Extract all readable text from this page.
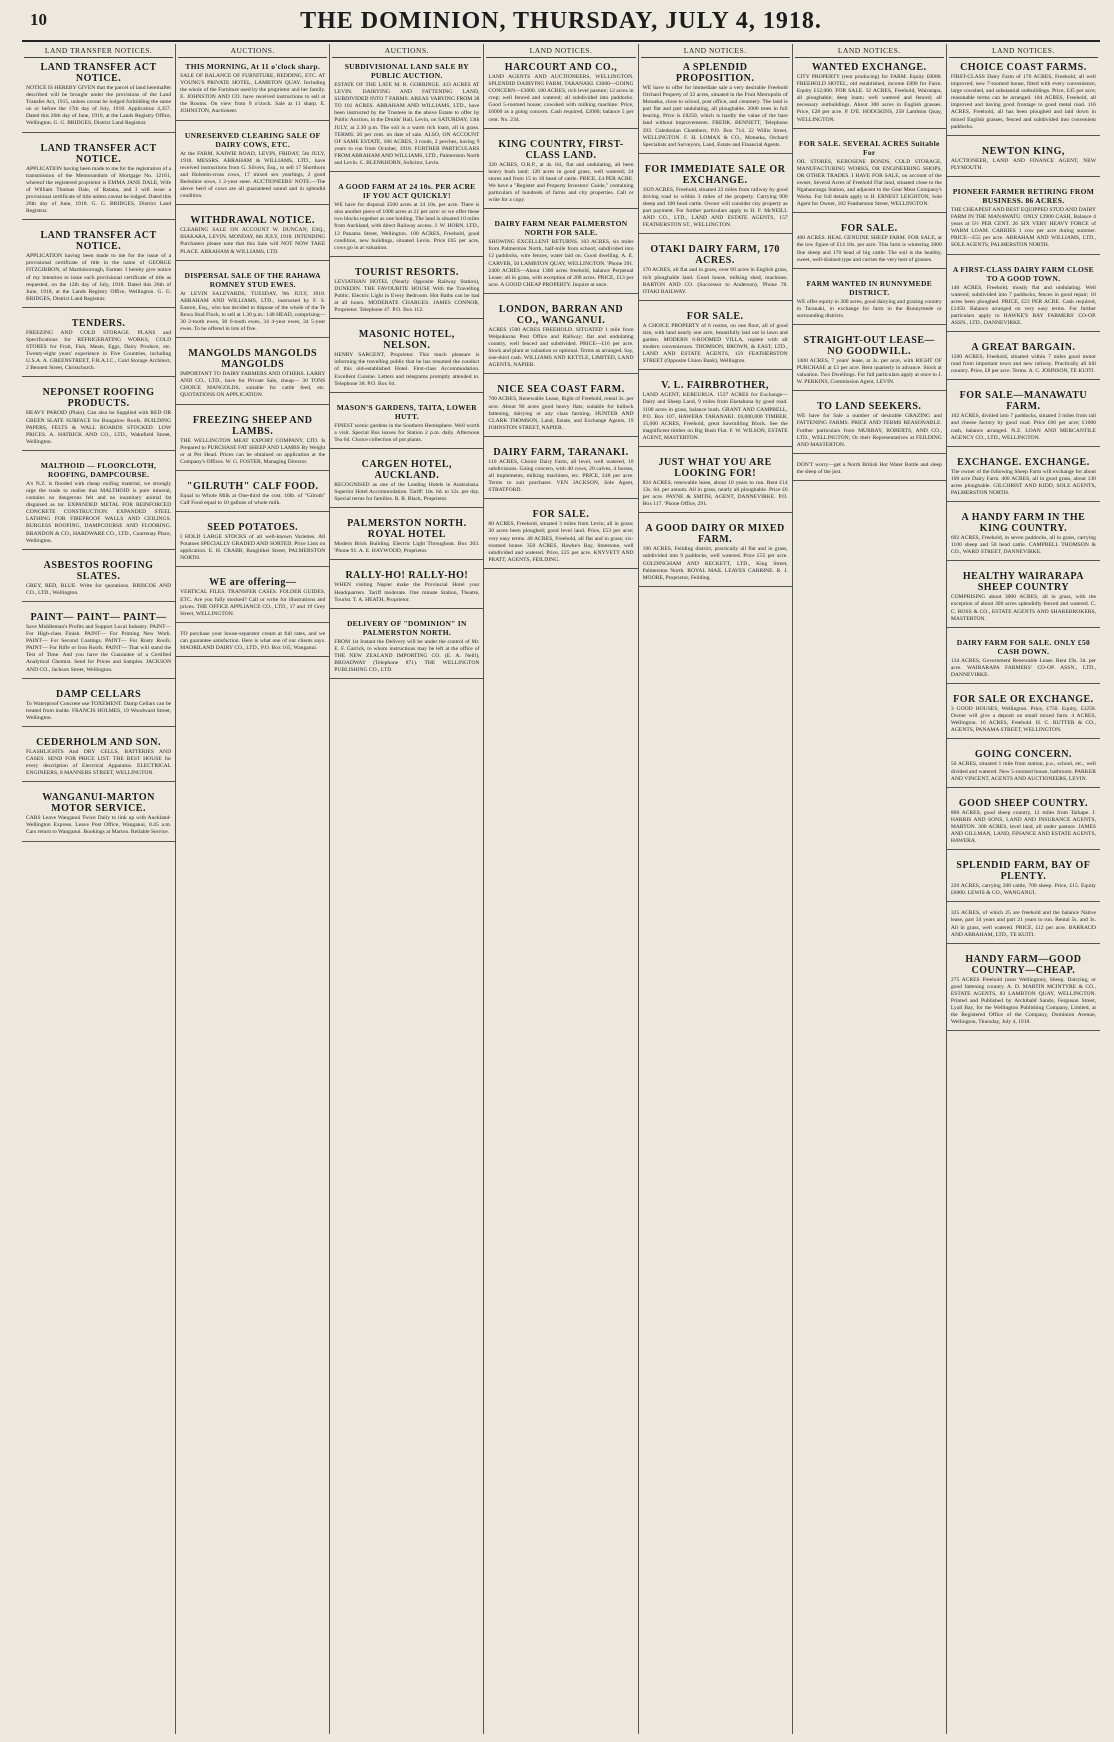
10	THE DOMINION, THURSDAY, JULY 4, 1918.
LAND TRANSFER NOTICES.
LAND TRANSFER ACT NOTICE.
NOTICE IS HEREBY GIVEN that the parcel of land hereinafter described will be brought under the provisions of the Land Transfer Act, 1915, unless caveat be lodged forbidding the same on or before the 17th day of July, 1918. Application 4,357. Dated this 26th day of June, 1918, at the Lands Registry Office, Wellington. G. G. BRIDGES, District Land Registrar.
LAND TRANSFER ACT NOTICE.
APPLICATION having been made to me for the registration of a transmission of the Memorandum of Mortgage No. 12161, whereof the registered proprietor is EMMA JANE DALE, Wife of William Thomas Dale, of Ratana, and I will issue a provisional certificate of title unless caveat be lodged. Dated this 26th day of June, 1918. G. G. BRIDGES, District Land Registrar.
LAND TRANSFER ACT NOTICE.
APPLICATION having been made to me for the issue of a provisional certificate of title in the name of GEORGE FITZGIBBON, of Martinborough, Farmer. I hereby give notice of my intention to issue such provisional certificate of title as requested, on the 12th day of July, 1918. Dated this 26th of June, 1918, at the Lands Registry Office, Wellington. G. G. BRIDGES, District Land Registrar.
TENDERS.
FREEZING AND COLD STORAGE. PLANS and Specifications for REFRIGERATING WORKS, COLD STORES for Fruit, Fish, Meats, Eggs, Dairy Produce, etc. Twenty-eight years' experience in Five Countries, including U.S.A. A. GREENSTREET, F.R.A.I.C., Cold Storage Architect, 2 Bennett Street, Christchurch.
NEPONSET ROOFING PRODUCTS.
HEAVY PAROID (Plain). Can also be Supplied with RED OR GREEN SLATE SURFACE for Bungalow Roofs. BUILDING PAPERS, FELTS & WALL BOARDS STOCKED. LOW PRICES. A. HATRICK AND CO., LTD., Wakefield Street, Wellington.
MALTHOID — FLOORCLOTH, ROOFING, DAMPCOURSE.
A's N.Z. is flooded with cheap roofing material, we strongly urge the trade to realise that MALTHOID is pure mineral, contains no dangerous felt and no insanitary animal fat disguised as tar. EXPANDED METAL FOR REINFORCED CONCRETE CONSTRUCTION. EXPANDED STEEL LATHING FOR FIREPROOF WALLS AND CEILINGS. BURGESS ROOFING, DAMPCOURSE AND FLOORING. BRANDON & CO., HARDWARE CO., LTD., Courtenay Place, Wellington.
ASBESTOS ROOFING SLATES.
GREY, RED, BLUE. Write for quotations. BRISCOE AND CO., LTD., Wellington.
PAINT— PAINT— PAINT—
Save Middleman's Profits and Support Local Industry. PAINT— For High-class Finish. PAINT— For Priming New Work. PAINT— For Second Coatings. PAINT— For Rusty Roofs. PAINT— For Rifle or Iron Roofs. PAINT— That will stand the Test of Time. And you have the Guarantee of a Certified Analytical Chemist. Send for Prices and Samples. JACKSON AND CO., Jackson Street, Wellington.
DAMP CELLARS
To Waterproof Concrete use TOXEMENT. Damp Cellars can be treated from inside. FRANCIS HOLMES, 19 Woodward Street, Wellington.
CEDERHOLM AND SON.
FLASHLIGHTS And DRY CELLS, BATTERIES AND CASES. SEND FOR PRICE LIST. THE BEST HOUSE for every description of Electrical Apparatus. ELECTRICAL ENGINEERS, 8 MANNERS STREET, WELLINGTON.
WANGANUI-MARTON MOTOR SERVICE.
CARS Leave Wanganui Twice Daily to link up with Auckland-Wellington Express. Leave Post Office, Wanganui, 8.45 a.m. Cars return to Wanganui. Bookings at Marton. Reliable Service.
AUCTIONS.
THIS MORNING, At 11 o'clock sharp.
SALE OF BALANCE OF FURNITURE, BEDDING, ETC. AT YOUNG'S PRIVATE HOTEL, LAMBTON QUAY. Including the whole of the Furniture used by the proprietor and her family. E. JOHNSTON AND CO. have received instructions to sell at the Rooms. On view from 9 o'clock. Sale at 11 sharp. E. JOHNSTON, Auctioneer.
UNRESERVED CLEARING SALE OF DAIRY COWS, ETC.
At the FARM, KAIWIE ROAD, LEVIN, FRIDAY, 5th JULY, 1918. MESSRS. ABRAHAM & WILLIAMS, LTD., have received instructions from G. Silvers, Esq., to sell 17 Shorthorn and Holstein-cross cows, 17 mixed sex yearlings, 2 good Berkshire sows, 1 2-year steer. AUCTIONEERS' NOTE.—The above herd of cows are all guaranteed sound and in splendid condition.
WITHDRAWAL NOTICE.
CLEARING SALE ON ACCOUNT W. DUNCAN, ESQ., IHAKARA, LEVIN. MONDAY, 8th JULY, 1918. INTENDING Purchasers please note that this Sale will NOT NOW TAKE PLACE. ABRAHAM & WILLIAMS, LTD.
DISPERSAL SALE OF THE RAHAWA ROMNEY STUD EWES.
At LEVIN SALEYARDS, TUESDAY, 9th JULY, 1918. ABRAHAM AND WILLIAMS, LTD., instructed by F. S. Easton, Esq., who has decided to dispose of the whole of the Te Rewa Stud Flock, to sell at 1.30 p.m.: 148 HEAD, comprising— 30 2-tooth ewes, 30 6-tooth ewes, 34 4-year ewes, 34 5-year ewes. To be offered in lots of five.
MANGOLDS MANGOLDS MANGOLDS
IMPORTANT TO DAIRY FARMERS AND OTHERS. LARRY AND CO., LTD., have for Private Sale, cheap— 30 TONS CHOICE MANGOLDS, suitable for cattle feed, etc. QUOTATIONS ON APPLICATION.
FREEZING SHEEP AND LAMBS.
THE WELLINGTON MEAT EXPORT COMPANY, LTD. Is Prepared to PURCHASE FAT SHEEP AND LAMBS By Weight or at Per Head. Prices can be obtained on application at the Company's Offices. W. G. FOSTER, Managing Director.
"GILRUTH" CALF FOOD.
Equal to Whole Milk at One-third the cost. 10lb. of "Gilruth" Calf Food equal to 10 gallons of whole milk.
SEED POTATOES.
I HOLD LARGE STOCKS of all well-known Varieties. All Potatoes SPECIALLY GRADED AND SORTED. Price Lists on application. E. H. CRABB, Rangitikei Street, PALMERSTON NORTH.
WE are offering—
VERTICAL FILES. TRANSFER CASES. FOLDER GUIDES, ETC. Are you fully stocked? Call or write for illustrations and prices. THE OFFICE APPLIANCE CO., LTD., 17 and 19 Grey Street, WELLINGTON.
TO purchase your house-separator cream at full rates, and we can guarantee satisfaction. Here is what one of our clients says. MAORILAND DAIRY CO., LTD., P.O. Box 165, Wanganui.
AUCTIONS.
SUBDIVISIONAL LAND SALE BY PUBLIC AUCTION.
ESTATE OF THE LATE M. R. GORRINGE. 433 ACRES AT LEVIN. DAIRYING AND FATTENING LAND, SUBDIVIDED INTO 7 FARMS. AREAS VARYING FROM 38 TO 101 ACRES. ABRAHAM AND WILLIAMS, LTD., have been instructed by the Trustees in the above Estate to offer by Public Auction, in the Druids' Hall, Levin, on SATURDAY, 13th JULY, at 2.30 p.m. The soil is a warm rich loam, all in grass. TERMS: 20 per cent. on date of sale. ALSO, ON ACCOUNT OF SAME ESTATE, 186 ACRES, 3 roods, 2 perches, having 9 years to run from October, 1918. FURTHER PARTICULARS FROM ABRAHAM AND WILLIAMS, LTD., Palmerston North and Levin. C. BLENKHORN, Solicitor, Levin.
A GOOD FARM AT 24 10s. PER ACRE IF YOU ACT QUICKLY!
WE have for disposal 2500 acres at 24 10s. per acre. There is also another piece of 1000 acres at 21 per acre: or we offer these two blocks together as one holding. The land is situated 10 miles from Auckland, with direct Railway access. J. W. HORN, LTD., 12 Panama Street, Wellington. 100 ACRES, Freehold, good condition, new buildings, situated Levin. Price £65 per acre, cows go in at valuation.
TOURIST RESORTS.
LEVIATHAN HOTEL (Nearly Opposite Railway Station), DUNEDIN. THE FAVOURITE HOUSE With the Travelling Public. Electric Light in Every Bedroom. Hot Baths can be had at all hours. MODERATE CHARGES. JAMES CONNOR, Proprietor. Telephone 47. P.O. Box 112.
MASONIC HOTEL, NELSON.
HENRY SARGENT, Proprietor. This much pleasure is informing the travelling public that he has resumed the conduct of this old-established Hotel. First-class Accommodation. Excellent Cuisine. Letters and telegrams promptly attended to. Telephone 38. P.O. Box 64.
MASON'S GARDENS, TAITA, LOWER HUTT.
FINEST scenic gardens in the Southern Hemisphere. Well worth a visit. Special Bus leaves for Station 2 p.m. daily. Afternoon Tea 6d. Choice collection of pot plants.
CARGEN HOTEL, AUCKLAND.
RECOGNISED as one of the Leading Hotels in Australasia. Superior Hotel Accommodation. Tariff: 10s. 6d. to 12s. per day. Special terms for families. R. R. Black, Proprietor.
PALMERSTON NORTH. ROYAL HOTEL
Modern Brick Building. Electric Light Throughout. Box 203. 'Phone 91. A. E. HAYWOOD, Proprietor.
RALLY-HO! RALLY-HO!
WHEN visiting Napier make the Provincial Hotel your Headquarters. Tariff moderate. One minute Station, Theatre, Tourist. T. A. HEATH, Proprietor.
DELIVERY OF "DOMINION" IN PALMERSTON NORTH.
FROM 1st Instant the Delivery will be under the control of Mr. E. F. Garrick, to whom instructions may be left at the office of THE NEW ZEALAND IMPORTING CO. (E. A. Neill), BROADWAY (Telephone 871). THE WELLINGTON PUBLISHING CO., LTD.
LAND NOTICES.
HARCOURT AND CO.,
LAND AGENTS AND AUCTIONEERS, WELLINGTON. SPLENDID DAIRYING FARM, TARANAKI. £3000—GOING CONCERN—£3000. 100 ACRES, rich level pasture; 12 acres in crop; well fenced and watered; all subdivided into paddocks. Good 5-roomed house; cowshed with milking machine. Price, £6000 as a going concern. Cash required, £2000; balance 5 per cent. No. 234.
KING COUNTRY, FIRST-CLASS LAND.
320 ACRES, O.R.P., at 4s. 6d., flat and undulating, all been heavy bush land; 120 acres in good grass, well watered; 24 stores and from 15 to 18 head of cattle. PRICE, £4 PER ACRE. We have a "Register and Property Investors' Guide," containing particulars of hundreds of farms and city properties. Call or write for a copy.
DAIRY FARM NEAR PALMERSTON NORTH FOR SALE.
SHOWING EXCELLENT RETURNS. 103 ACRES, six miles from Palmerston North, half-mile from school; subdivided into 12 paddocks, wire fences, water laid on. Good dwelling. A. E. CARVER, 50 LAMBTON QUAY, WELLINGTON. 'Phone 391. 2400 ACRES—About 1300 acres freehold, balance Perpetual Lease; all in grass, with exception of 200 acres. PRICE, £13 per acre. A GOOD CHEAP PROPERTY. Inquire at once.
LONDON, BARRAN AND CO., WANGANUI.
ACRES 1500 ACRES FREEHOLD. SITUATED 1 mile from Weipukurau Post Office and Railway; flat and undulating country, well fenced and subdivided. PRICE—£16 per acre. Stock and plant at valuation or optional. Terms as arranged. Say, one-third cash. WILLIAMS AND KETTLE, LIMITED, LAND AGENTS, NAPIER.
NICE SEA COAST FARM.
700 ACRES, Renewable Lease, Right of Freehold, rental 3s. per acre. About 90 acres good heavy flats; suitable for bullock fattening, dairying or any class farming. HUNTER AND CLARK THOMSON, Land, Estate, and Exchange Agents, 19 JOHNSTON STREET, NAPIER.
DAIRY FARM, TARANAKI.
110 ACRES, Choice Dairy Farm, all level, well watered, 10 subdivisions. Going concern, with 40 cows, 20 calves, 4 horses, all implements, milking machines, etc. PRICE, £48 per acre. Terms to suit purchaser. VEN JACKSON, Sole Agent, STRATFORD.
FOR SALE.
80 ACRES, Freehold, situated 3 miles from Levin; all in grass; 30 acres been ploughed; good level land. Price, £53 per acre; very easy terms. 48 ACRES, Freehold, all flat and in grass; six-roomed house. 350 ACRES, Hawke's Bay, limestone, well subdivided and watered. Price, £25 per acre. KNYVETT AND PRATT, AGENTS, FEILDING.
LAND NOTICES.
A SPLENDID PROPOSITION.
WE have to offer for immediate sale a very desirable Freehold Orchard Property of 32 acres, situated in the Fruit Metropolis of Motueka, close to school, post office, and creamery. The land is part flat and part undulating, all ploughable. 2000 trees in full bearing. Price is £8250, which is hardly the value of the bare land without improvements. FREDK. BENNETT, Telephone 393. Caledonian Chambers, P.O. Box 714. 22 Willis Street, WELLINGTON. F. H. LOMAX & CO., Motueka, Orchard Specialists and Surveyors, Land, Estate and Financial Agents.
FOR IMMEDIATE SALE OR EXCHANGE.
1029 ACRES, Freehold, situated 22 miles from railway by good driving road to within 3 miles of the property. Carrying 900 sheep and 100 head cattle. Owner will consider city property as part payment. For further particulars apply to H. F. McNEILL AND CO., LTD., LAND AND ESTATE AGENTS, 157 FEATHERSTON ST., WELLINGTON.
OTAKI DAIRY FARM, 170 ACRES.
170 ACRES, all flat and in grass, over 60 acres in English grass, rich ploughable land. Good house, milking shed, machines. BARTON AND CO. (Successor to Anderson), 'Phone 78. OTAKI RAILWAY.
FOR SALE.
A CHOICE PROPERTY of 6 rooms, on one floor, all of good size, with land nearly one acre, beautifully laid out in lawn and garden. MODERN 6-ROOMED VILLA, replete with all modern conveniences. THOMSON, BROWN, & EAST, LTD., LAND AND ESTATE AGENTS, 159 FEATHERSTON STREET (Opposite Union Bank), Wellington.
V. L. FAIRBROTHER,
LAND AGENT, KEREURUA. 1537 ACRES for Exchange—Dairy and Sheep Land, 9 miles from Eketahuna by good road. 1100 acres in grass, balance bush. GRANT AND CAMPBELL, P.O. Box 107, HAWERA TARANAKI. £6,000,000 TIMBER. 15,000 ACRES, Freehold, great Sawmilling Block. See the magnificent timber on Big Bush Flat. F. W. WILSON, ESTATE AGENT, MASTERTON.
JUST WHAT YOU ARE LOOKING FOR!
824 ACRES, renewable lease, about 10 years to run. Rent £14 13s. 6d. per annum. All in grass, nearly all ploughable. Price £6 per acre. PAYNE & SMITH, AGENT, DANNEVIRKE. P.O. Box 117. 'Phone Office, 291.
A GOOD DAIRY OR MIXED FARM.
190 ACRES, Feilding district, practically all flat and in grass, subdivided into 9 paddocks, well watered. Price £55 per acre. GOLDINGHAM AND BECKETT, LTD., King Street, Palmerston North. ROYAL MAIL LEAVES CARRINE. R. J. MOORE, Proprietor, Feilding.
LAND NOTICES.
WANTED EXCHANGE.
CITY PROPERTY (rent producing) for FARM. Equity £8000. FREEHOLD HOTEL, old established, income £890 for Farm. Equity £12,000. FOR SALE. 32 ACRES, Freehold, Wairarapa, all ploughable; deep loam; well watered and fenced; all necessary outbuildings. About 300 acres in English grasses. Price, £28 per acre. P. D'E. HODGKINS, 258 Lambton Quay, WELLINGTON.
FOR SALE. SEVERAL ACRES Suitable For
OIL STORES, KEROSENE BONDS, COLD STORAGE, MANUFACTURING WORKS, OR ENGINEERING SHOPS, OR OTHER TRADES. I HAVE FOR SALE, on account of the owner, Several Acres of Freehold Flat land, situated close to the Ngahauranga Station, and adjacent to the Gear Meat Company's Works. For full details apply to H. ERNEST LEIGHTON, Sole Agent for Owner, 182 Featherston Street, WELLINGTON.
FOR SALE.
400 ACRES. REAL GENUINE SHEEP FARM. FOR SALE, at the low figure of £14 10s. per acre. This farm is wintering 2000 fine sheep and 170 head of big cattle. The soil is the healthy, sweet, well-drained type and carries the very best of grasses.
FARM WANTED IN RUNNYMEDE DISTRICT.
WE offer equity in 300 acres, good dairying and grazing country in Taranaki, in exchange for farm in the Runnymede or surrounding districts.
STRAIGHT-OUT LEASE—NO GOODWILL.
1400 ACRES, 7 years' lease, at 3s. per acre, with RIGHT OF PURCHASE at £3 per acre. Rent quarterly in advance. Stock at valuation. Two Dwellings. For full particulars apply at once to J. W. PERKINS, Commission Agent, LEVIN.
TO LAND SEEKERS.
WE have for Sale a number of desirable GRAZING and FATTENING FARMS. PRICE AND TERMS REASONABLE. Further particulars from MURRAY, ROBERTS, AND CO., LTD., WELLINGTON; Or their Representatives at FEILDING AND MASTERTON.
DON'T worry—get a North British Hot Water Bottle and sleep the sleep of the just.
LAND NOTICES.
CHOICE COAST FARMS.
FIRST-CLASS Dairy Farm of 176 ACRES, Freehold, all well improved; new 7-roomed house, fitted with every convenience, large cowshed, and substantial outbuildings. Price, £45 per acre; reasonable terms can be arranged. 104 ACRES, Freehold, all improved and having good frontage to good metal road. 116 ACRES, Freehold, all has been ploughed and laid down in mixed English grasses, fenced and subdivided into convenient paddocks.
NEWTON KING,
AUCTIONEER, LAND AND FINANCE AGENT, NEW PLYMOUTH.
PIONEER FARMER RETIRING FROM BUSINESS. 86 ACRES.
THE CHEAPEST AND BEST EQUIPPED STUD AND DAIRY FARM IN THE MANAWATU. ONLY £3900 CASH, Balance 4 years at 5½ PER CENT. 26 SIX VERY HEAVY FORCE of WARM LOAM. CARRIES 1 cow per acre during summer. PRICE—£55 per acre. ABRAHAM AND WILLIAMS, LTD., SOLE AGENTS, PALMERSTON NORTH.
A FIRST-CLASS DAIRY FARM CLOSE TO A GOOD TOWN.
140 ACRES, Freehold, mostly flat and undulating. Well watered, subdivided into 7 paddocks, fences in good repair; 10 acres been ploughed. PRICE, £23 PER ACRE. Cash required, £1450. Balance arranged on very easy terms. For further particulars apply to HAWKE'S BAY FARMERS' CO-OP. ASSN., LTD., DANNEVIRKE.
A GREAT BARGAIN.
1500 ACRES, Freehold, situated within 7 miles good motor road from important town and new railway. Practically all hill country. Price, £8 per acre. Terms. A. C. JOHNSON, TE KUITI.
FOR SALE—MANAWATU FARM.
102 ACRES, divided into 7 paddocks, situated 3 miles from rail and cheese factory by good road. Price £60 per acre; £1000 cash, balance arranged. N.Z. LOAN AND MERCANTILE AGENCY CO., LTD., WELLINGTON.
EXCHANGE. EXCHANGE.
The owner of the following Sheep Farm will exchange for about 100 acre Dairy Farm. 408 ACRES, all in good grass, about 130 acres ploughable. GILCHRIST AND KIDD, SOLE AGENTS, PALMERSTON NORTH.
A HANDY FARM IN THE KING COUNTRY.
692 ACRES, Freehold, in seven paddocks, all in grass, carrying 1100 sheep and 50 head cattle. CAMPBELL THOMSON & CO., WARD STREET, DANNEVIRKE.
HEALTHY WAIRARAPA SHEEP COUNTRY
COMPRISING about 3000 ACRES, all in grass, with the exception of about 300 acres splendidly fenced and watered. C. C. ROSS & CO., ESTATE AGENTS AND SHAREBROKERS, MASTERTON.
DAIRY FARM FOR SALE. ONLY £50 CASH DOWN.
134 ACRES, Government Renewable Lease. Rent £9s. 3d. per acre. WAIRARAPA FARMERS' CO-OP. ASSN., LTD., DANNEVIRKE.
FOR SALE OR EXCHANGE.
3 GOOD HOUSES, Wellington. Price, £750. Equity, £3250. Owner will give a deposit on small mixed farm. 4 ACRES, Wellington. 16 ACRES, Freehold. H. C. RUTTER & CO., AGENTS, PANAMA STREET, WELLINGTON.
GOING CONCERN.
50 ACRES, situated 1 mile from station, p.o., school, etc., well divided and watered. New 5-roomed house, bathroom. PARKER AND VINCENT, AGENTS AND AUCTIONEERS, LEVIN.
GOOD SHEEP COUNTRY.
800 ACRES, good sheep country, 12 miles from Taihape. J. HARRIS AND SONS, LAND AND INSURANCE AGENTS, MARTON. 300 ACRES, level land, all under pasture. JAMES AND GILLMAN, LAND, FINANCE AND ESTATE AGENTS, HAWERA.
SPLENDID FARM, BAY OF PLENTY.
220 ACRES, carrying 200 cattle, 700 sheep. Price, £15. Equity £6000. LEWIS & CO., WANGANUI.
325 ACRES, of which 25 are freehold and the balance Native lease, part 34 years and part 21 years to run. Rental 5s. and 3s. All in grass, well watered. PRICE, £12 per acre. BARRAUD AND ABRAHAM, LTD., TE KUITI.
HANDY FARM—GOOD COUNTRY—CHEAP.
275 ACRES Freehold (near Wellington), Sheep, Dairying, or good fattening country. A. D. MARTIN MCINTYRE & CO., ESTATE AGENTS, 83 LAMBTON QUAY, WELLINGTON. Printed and Published by Archibald Sando, Ferguson Street, Lyall Bay, for the Wellington Publishing Company, Limited, at the Registered Office of the Company, Dominion Avenue, Wellington, Thursday, July 4, 1918.
